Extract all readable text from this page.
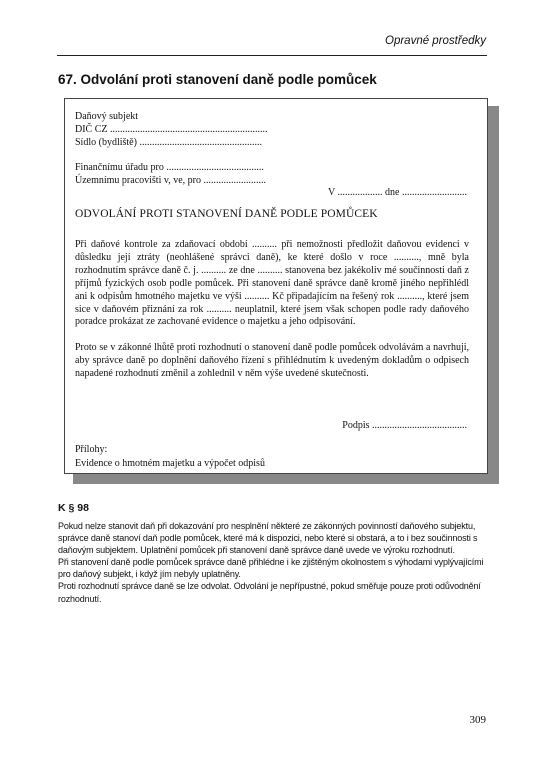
Opravné prostředky
67. Odvolání proti stanovení daně podle pomůcek
Daňový subjekt
DIČ CZ ...............................................................
Sídlo (bydliště) .................................................
Finančnímu úřadu pro .......................................
Územnímu pracovišti v, ve, pro .........................
V .................. dne ..........................
ODVOLÁNÍ PROTI STANOVENÍ DANĚ PODLE POMŮCEK
Při daňové kontrole za zdaňovací období .......... při nemožnosti předložit daňovou evidenci v důsledku její ztráty (neohlášené správci daně), ke které došlo v roce .........., mně byla rozhodnutím správce daně č. j. .......... ze dne .......... stanovena bez jakékoliv mé součinnosti daň z příjmů fyzických osob podle pomůcek. Při stanovení daně správce daně kromě jiného nepřihlédl ani k odpisům hmotného majetku ve výši .......... Kč připadajícím na řešený rok .........., které jsem sice v daňovém přiznání za rok .......... neuplatnil, které jsem však schopen podle rady daňového poradce prokázat ze zachované evidence o majetku a jeho odpisování.
Proto se v zákonné lhůtě proti rozhodnutí o stanovení daně podle pomůcek odvolávám a navrhuji, aby správce daně po doplnění daňového řízení s přihlédnutím k uvedeným dokladům o odpisech napadené rozhodnutí změnil a zohlednil v něm výše uvedené skutečnosti.
Podpis ......................................
Přílohy:
Evidence o hmotném majetku a výpočet odpisů
K § 98

Pokud nelze stanovit daň při dokazování pro nesplnění některé ze zákonných povinností daňového subjektu, správce daně stanoví daň podle pomůcek, které má k dispozici, nebo které si obstará, a to i bez součinnosti s daňovým subjektem. Uplatnění pomůcek při stanovení daně správce daně uvede ve výroku rozhodnutí.

Při stanovení daně podle pomůcek správce daně přihlédne i ke zjištěným okolnostem s výhodami vyplývajícími pro daňový subjekt, i když jím nebyly uplatněny.

Proti rozhodnutí správce daně se lze odvolat. Odvolání je nepřípustné, pokud směřuje pouze proti odůvodnění rozhodnutí.

309
